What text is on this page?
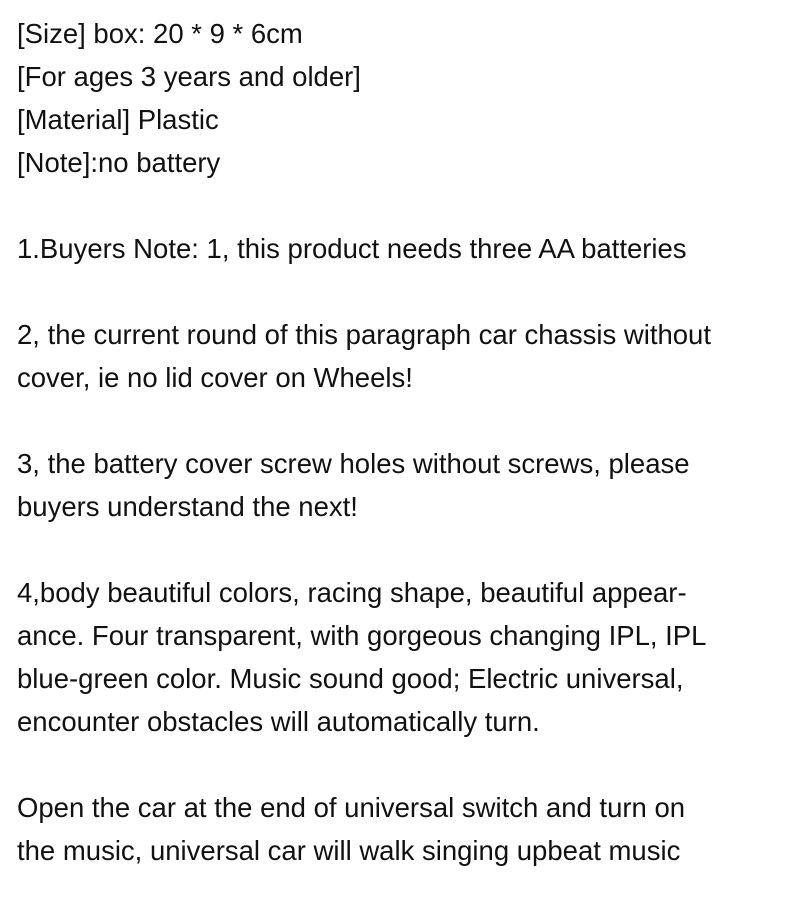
[Size] box: 20 * 9 * 6cm
[For ages 3 years and older]
[Material] Plastic
[Note]:no battery
1.Buyers Note: 1, this product needs three AA batteries
2, the current round of this paragraph car chassis without
cover, ie no lid cover on Wheels!
3, the battery cover screw holes without screws, please
buyers understand the next!
4,body beautiful colors, racing shape, beautiful appear-
ance. Four transparent, with gorgeous changing IPL, IPL
blue-green color. Music sound good; Electric universal,
encounter obstacles will automatically turn.
Open the car at the end of universal switch and turn on
the music, universal car will walk singing upbeat music
